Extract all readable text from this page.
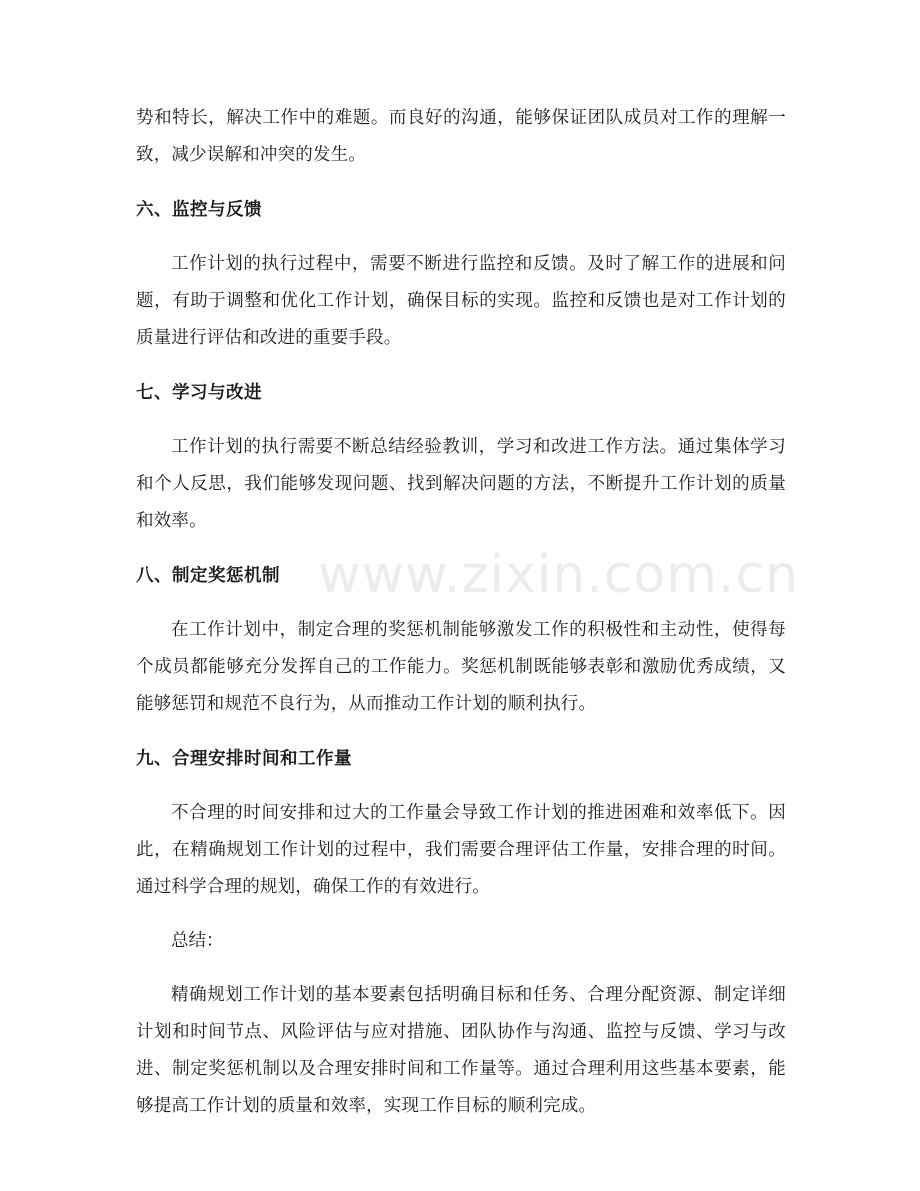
www.zixin.com.cn

势和特长，解决工作中的难题。而良好的沟通，能够保证团队成员对工作的理解一致，减少误解和冲突的发生。

六、监控与反馈

工作计划的执行过程中，需要不断进行监控和反馈。及时了解工作的进展和问题，有助于调整和优化工作计划，确保目标的实现。监控和反馈也是对工作计划的质量进行评估和改进的重要手段。

七、学习与改进

工作计划的执行需要不断总结经验教训，学习和改进工作方法。通过集体学习和个人反思，我们能够发现问题、找到解决问题的方法，不断提升工作计划的质量和效率。

八、制定奖惩机制

在工作计划中，制定合理的奖惩机制能够激发工作的积极性和主动性，使得每个成员都能够充分发挥自己的工作能力。奖惩机制既能够表彰和激励优秀成绩，又能够惩罚和规范不良行为，从而推动工作计划的顺利执行。

九、合理安排时间和工作量

不合理的时间安排和过大的工作量会导致工作计划的推进困难和效率低下。因此，在精确规划工作计划的过程中，我们需要合理评估工作量，安排合理的时间。通过科学合理的规划，确保工作的有效进行。

总结：

精确规划工作计划的基本要素包括明确目标和任务、合理分配资源、制定详细计划和时间节点、风险评估与应对措施、团队协作与沟通、监控与反馈、学习与改进、制定奖惩机制以及合理安排时间和工作量等。通过合理利用这些基本要素，能够提高工作计划的质量和效率，实现工作目标的顺利完成。
